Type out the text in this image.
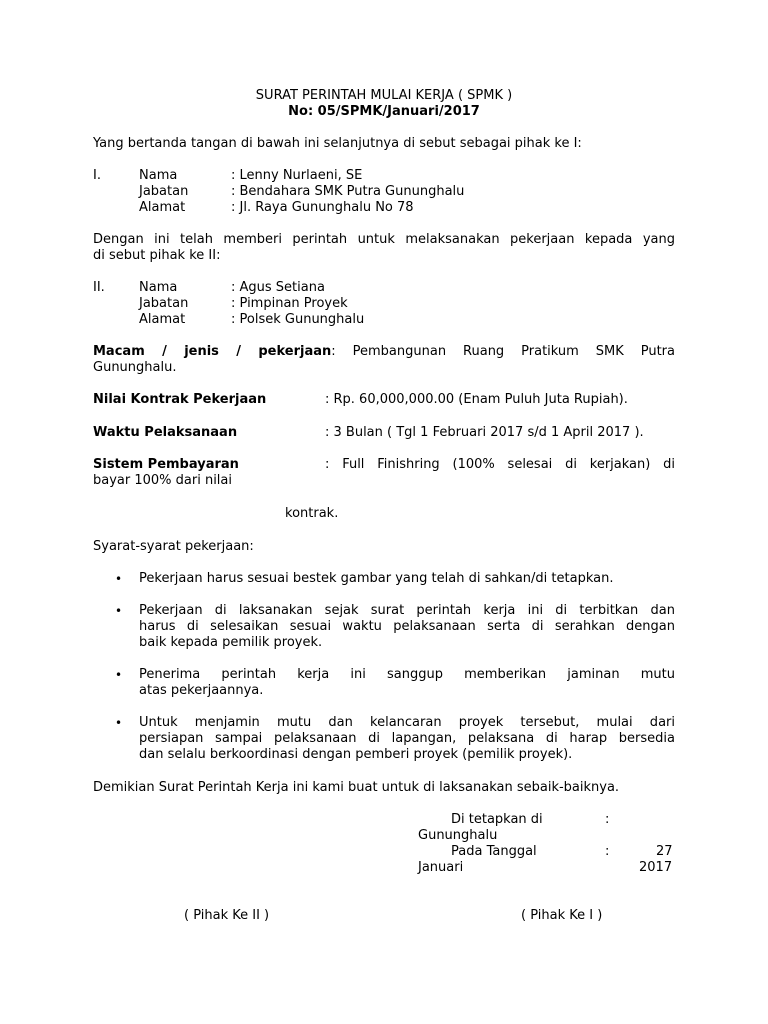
SURAT PERINTAH MULAI KERJA ( SPMK )
No: 05/SPMK/Januari/2017
Yang bertanda tangan di bawah ini selanjutnya di sebut sebagai pihak ke I:
I.	Nama	: Lenny Nurlaeni, SE
Jabatan	: Bendahara SMK Putra Gununghalu
Alamat	: Jl. Raya Gununghalu No 78
Dengan ini telah memberi perintah untuk melaksanakan pekerjaan kepada yang
di sebut pihak ke II:
II.	Nama	: Agus Setiana
Jabatan	: Pimpinan Proyek
Alamat	: Polsek Gununghalu
Macam / jenis / pekerjaan: Pembangunan Ruang Pratikum SMK Putra
Gununghalu.
Nilai Kontrak Pekerjaan	: Rp. 60,000,000.00 (Enam Puluh Juta Rupiah).
Waktu Pelaksanaan	: 3 Bulan ( Tgl 1 Februari 2017 s/d 1 April 2017 ).
Sistem Pembayaran	: Full Finishring (100% selesai di kerjakan) di
bayar 100% dari nilai
kontrak.
Syarat-syarat pekerjaan:
• Pekerjaan harus sesuai bestek gambar yang telah di sahkan/di tetapkan.
• Pekerjaan di laksanakan sejak surat perintah kerja ini di terbitkan dan
harus di selesaikan sesuai waktu pelaksanaan serta di serahkan dengan
baik kepada pemilik proyek.
• Penerima perintah kerja ini sanggup memberikan jaminan mutu
atas pekerjaannya.
• Untuk menjamin mutu dan kelancaran proyek tersebut, mulai dari
persiapan sampai pelaksanaan di lapangan, pelaksana di harap bersedia
dan selalu berkoordinasi dengan pemberi proyek (pemilik proyek).
Demikian Surat Perintah Kerja ini kami buat untuk di laksanakan sebaik-baiknya.
Di tetapkan di	:
Gununghalu
Pada Tanggal	:	27
Januari	2017
( Pihak Ke II )	( Pihak Ke I )
